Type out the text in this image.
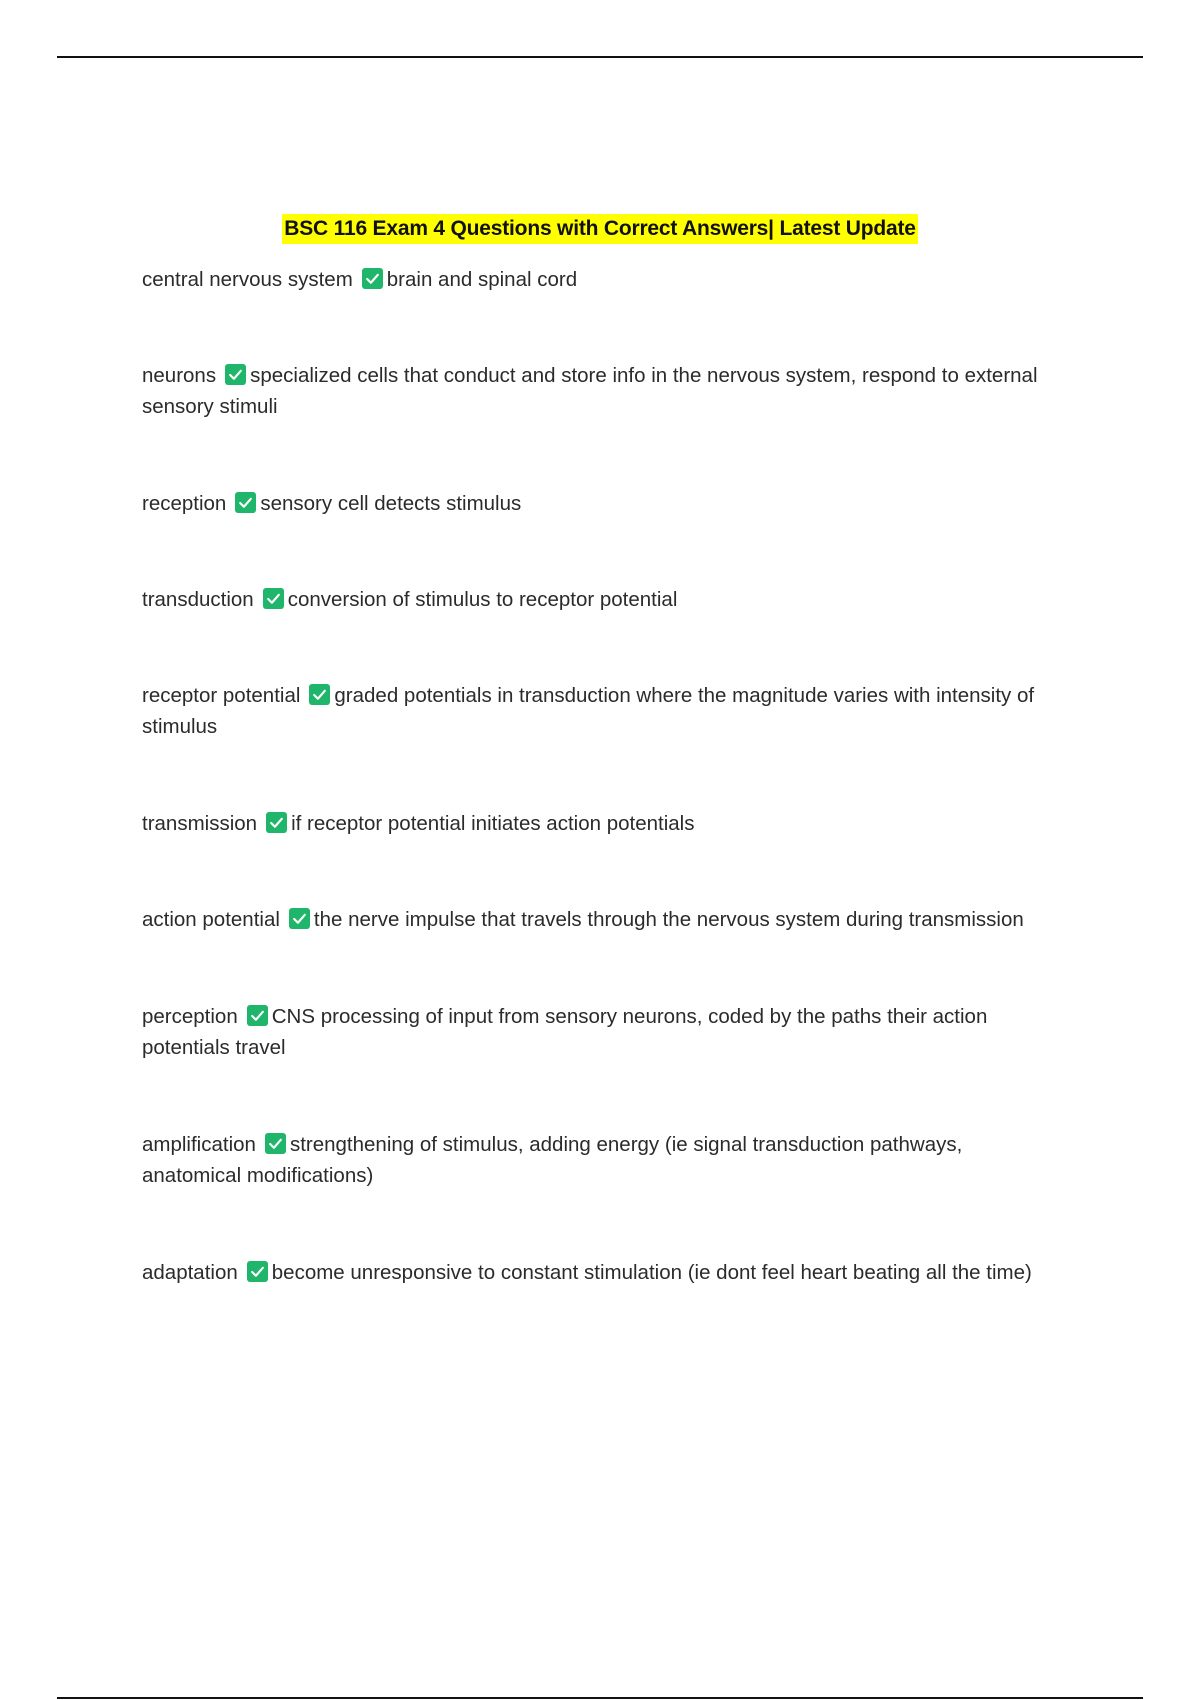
BSC 116 Exam 4 Questions with Correct Answers| Latest Update

central nervous system brain and spinal cord

neurons specialized cells that conduct and store info in the nervous system, respond to external sensory stimuli

reception sensory cell detects stimulus

transduction conversion of stimulus to receptor potential

receptor potential graded potentials in transduction where the magnitude varies with intensity of stimulus

transmission if receptor potential initiates action potentials

action potential the nerve impulse that travels through the nervous system during transmission

perception CNS processing of input from sensory neurons, coded by the paths their action potentials travel

amplification strengthening of stimulus, adding energy (ie signal transduction pathways, anatomical modifications)

adaptation become unresponsive to constant stimulation (ie dont feel heart beating all the time)
